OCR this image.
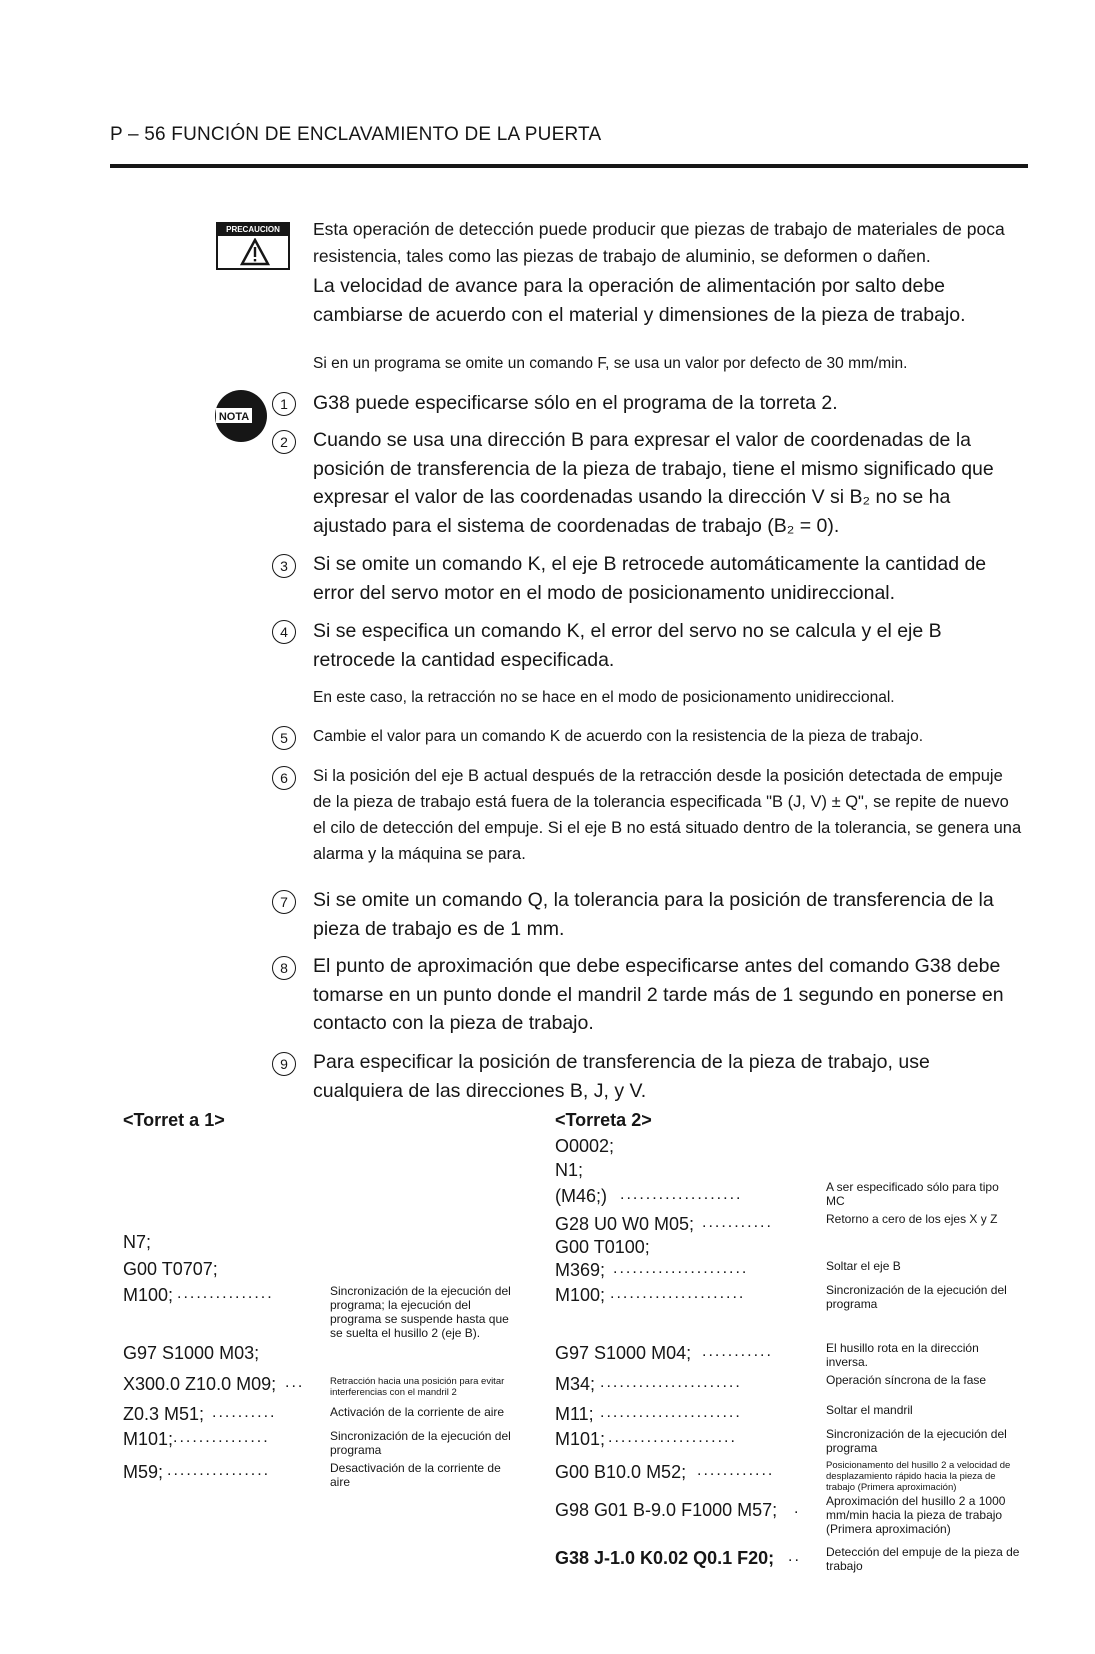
P – 56 FUNCIÓN DE ENCLAVAMIENTO DE LA PUERTA
PRECAUCION	Esta operación de detección puede producir que piezas de trabajo de materiales de poca resistencia, tales como las piezas de trabajo de aluminio, se deformen o dañen.
La velocidad de avance para la operación de alimentación por salto debe cambiarse de acuerdo con el material y dimensiones de la pieza de trabajo.
Si en un programa se omite un comando F, se usa un valor por defecto de 30 mm/min.
NOTA
1	G38 puede especificarse sólo en el programa de la torreta 2.
2	Cuando se usa una dirección B para expresar el valor de coordenadas de la posición de transferencia de la pieza de trabajo, tiene el mismo significado que expresar el valor de las coordenadas usando la dirección V si B₂ no se ha ajustado para el sistema de coordenadas de trabajo (B₂ = 0).
3	Si se omite un comando K, el eje B retrocede automáticamente la cantidad de error del servo motor en el modo de posicionamento unidireccional.
4	Si se especifica un comando K, el error del servo no se calcula y el eje B retrocede la cantidad especificada.
En este caso, la retracción no se hace en el modo de posicionamento unidireccional.
5	Cambie el valor para un comando K de acuerdo con la resistencia de la pieza de trabajo.
6	Si la posición del eje B actual después de la retracción desde la posición detectada de empuje de la pieza de trabajo está fuera de la tolerancia especificada "B (J, V) ± Q", se repite de nuevo el cilo de detección del empuje. Si el eje B no está situado dentro de la tolerancia, se genera una alarma y la máquina se para.
7	Si se omite un comando Q, la tolerancia para la posición de transferencia de la pieza de trabajo es de 1 mm.
8	El punto de aproximación que debe especificarse antes del comando G38 debe tomarse en un punto donde el mandril 2 tarde más de 1 segundo en ponerse en contacto con la pieza de trabajo.
9	Para especificar la posición de transferencia de la pieza de trabajo, use cualquiera de las direcciones B, J, y V.
<Torret a 1>
N7;
G00 T0707;
M100; ...............	Sincronización de la ejecución del programa; la ejecución del programa se suspende hasta que se suelta el husillo 2 (eje B).
G97 S1000 M03;
X300.0 Z10.0 M09; ...	Retracción hacia una posición para evitar interferencias con el mandril 2
Z0.3 M51; ..........	Activación de la corriente de aire
M101; ...............	Sincronización de la ejecución del programa
M59; ................	Desactivación de la corriente de aire
<Torreta 2>
O0002;
N1;
(M46;) ...................	A ser especificado sólo para tipo MC
G28 U0 W0 M05; ...........	Retorno a cero de los ejes X y Z
G00 T0100;
M369; .....................	Soltar el eje B
M100; .....................	Sincronización de la ejecución del programa
G97 S1000 M04; ...........	El husillo rota en la dirección inversa.
M34; ......................	Operación síncrona de la fase
M11; ......................	Soltar el mandril
M101; ....................	Sincronización de la ejecución del programa
G00 B10.0 M52; ............	Posicionamento del husillo 2 a velocidad de desplazamiento rápido hacia la pieza de trabajo (Primera aproximación)
G98 G01 B-9.0 F1000 M57; . Aproximación del husillo 2 a 1000 mm/min hacia la pieza de trabajo (Primera aproximación)
G38 J-1.0 K0.02 Q0.1 F20; .. Detección del empuje de la pieza de trabajo
